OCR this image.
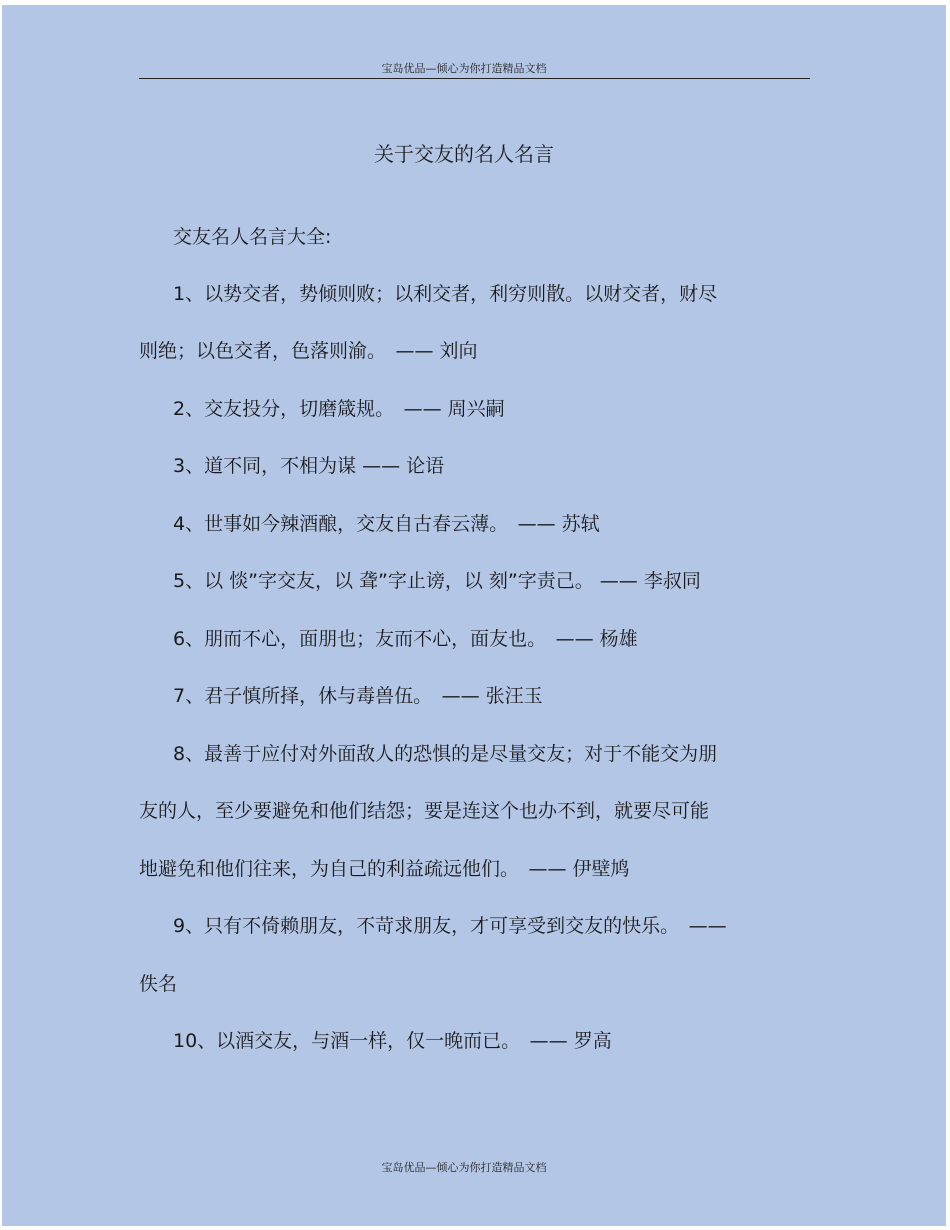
宝岛优品—倾心为你打造精品文档
关于交友的名人名言
交友名人名言大全:
1、以势交者，势倾则败；以利交者，利穷则散。以财交者，财尽
则绝；以色交者，色落则渝。　—— 刘向
2、交友投分，切磨箴规。　—— 周兴嗣
3、道不同，不相为谋 —— 论语
4、世事如今辣酒酿，交友自古春云薄。　—— 苏轼
5、以 惔”字交友，以 聋”字止谤，以 刻”字责己。 —— 李叔同
6、朋而不心，面朋也；友而不心，面友也。　—— 杨雄
7、君子慎所择，休与毒兽伍。　—— 张汪玉
8、最善于应付对外面敌人的恐惧的是尽量交友；对于不能交为朋
友的人，至少要避免和他们结怨；要是连这个也办不到，就要尽可能
地避免和他们往来，为自己的利益疏远他们。　—— 伊壁鸠
9、只有不倚赖朋友，不苛求朋友，才可享受到交友的快乐。　——
佚名
10、以酒交友，与酒一样，仅一晚而已。　—— 罗高
宝岛优品—倾心为你打造精品文档
